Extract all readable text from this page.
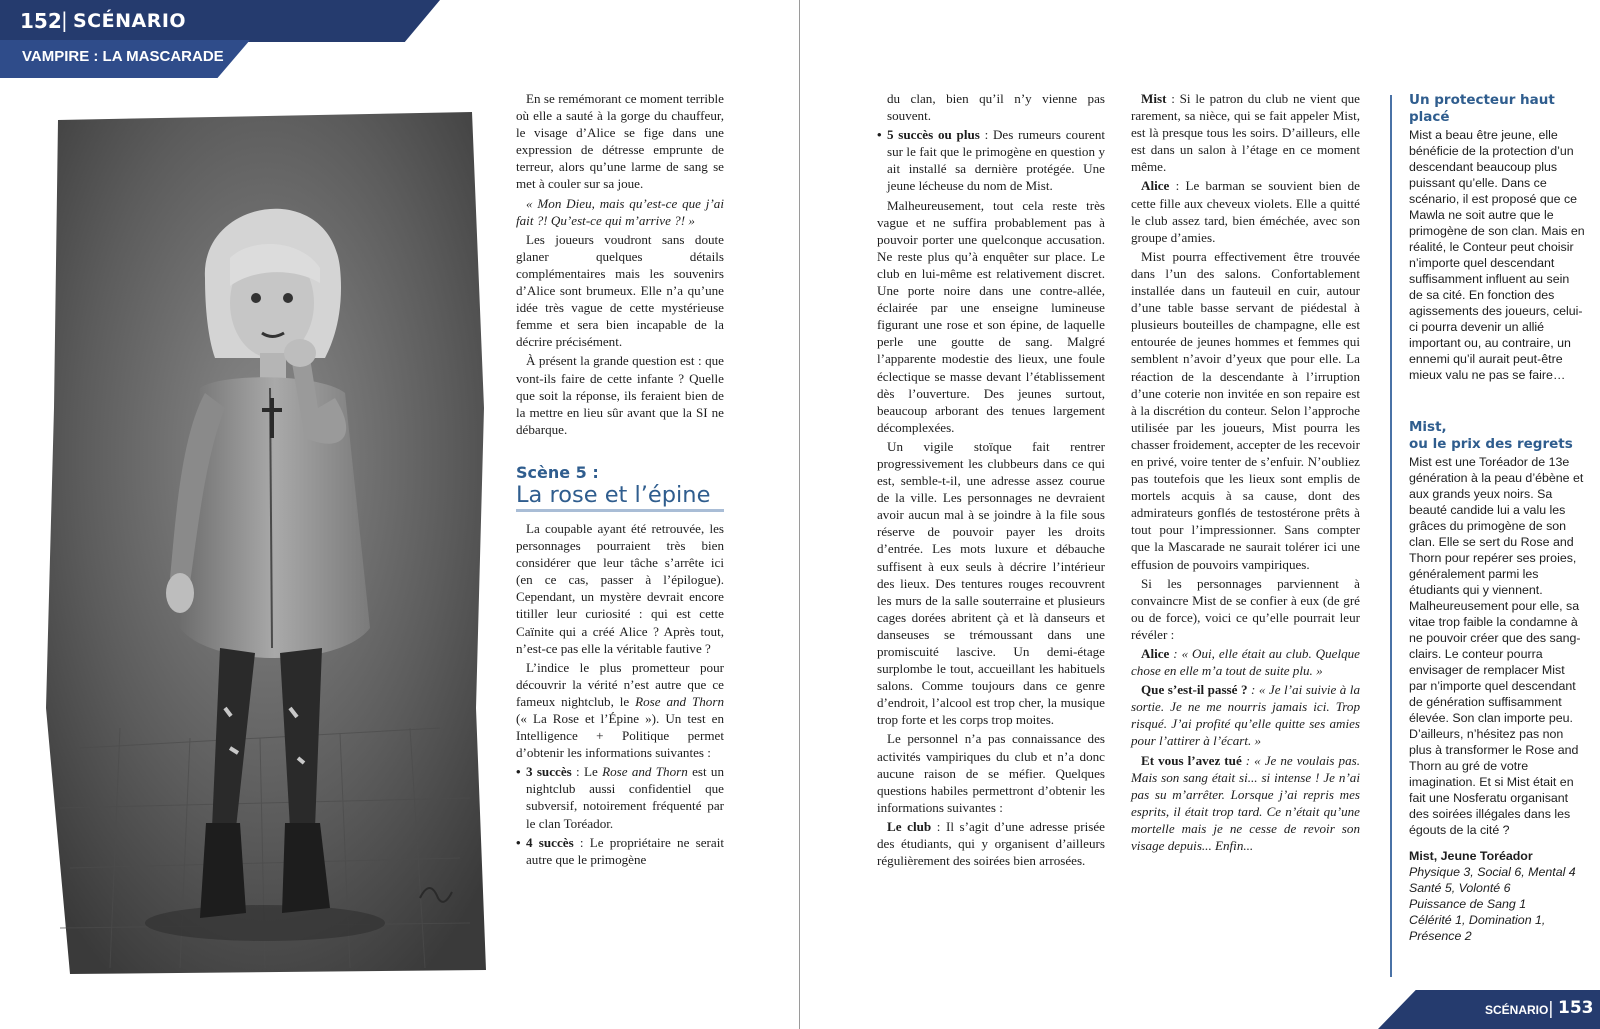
152 | SCÉNARIO
VAMPIRE : LA MASCARADE

En se remémorant ce moment terrible où elle a sauté à la gorge du chauffeur, le visage d’Alice se fige dans une expression de détresse emprunte de terreur, alors qu’une larme de sang se met à couler sur sa joue.

« Mon Dieu, mais qu’est-ce que j’ai fait ?! Qu’est-ce qui m’arrive ?! »

Les joueurs voudront sans doute glaner quelques détails complémentaires mais les souvenirs d’Alice sont brumeux. Elle n’a qu’une idée très vague de cette mystérieuse femme et sera bien incapable de la décrire précisément.

À présent la grande question est : que vont-ils faire de cette infante ? Quelle que soit la réponse, ils feraient bien de la mettre en lieu sûr avant que la SI ne débarque.

Scène 5 :
La rose et l’épine

La coupable ayant été retrouvée, les personnages pourraient très bien considérer que leur tâche s’arrête ici (en ce cas, passer à l’épilogue). Cependant, un mystère devrait encore titiller leur curiosité : qui est cette Caïnite qui a créé Alice ? Après tout, n’est-ce pas elle la véritable fautive ?

L’indice le plus prometteur pour découvrir la vérité n’est autre que ce fameux nightclub, le Rose and Thorn (« La Rose et l’Épine »). Un test en Intelligence + Politique permet d’obtenir les informations suivantes :

• 3 succès : Le Rose and Thorn est un nightclub aussi confidentiel que subversif, notoirement fréquenté par le clan Toréador.
• 4 succès : Le propriétaire ne serait autre que le primogène

du clan, bien qu’il n’y vienne pas souvent.

• 5 succès ou plus : Des rumeurs courent sur le fait que le primogène en question y ait installé sa dernière protégée. Une jeune lécheuse du nom de Mist.

Malheureusement, tout cela reste très vague et ne suffira probablement pas à pouvoir porter une quelconque accusation. Ne reste plus qu’à enquêter sur place. Le club en lui-même est relativement discret. Une porte noire dans une contre-allée, éclairée par une enseigne lumineuse figurant une rose et son épine, de laquelle perle une goutte de sang. Malgré l’apparente modestie des lieux, une foule éclectique se masse devant l’établissement dès l’ouverture. Des jeunes surtout, beaucoup arborant des tenues largement décomplexées.

Un vigile stoïque fait rentrer progressivement les clubbeurs dans ce qui est, semble-t-il, une adresse assez courue de la ville. Les personnages ne devraient avoir aucun mal à se joindre à la file sous réserve de pouvoir payer les droits d’entrée. Les mots luxure et débauche suffisent à eux seuls à décrire l’intérieur des lieux. Des tentures rouges recouvrent les murs de la salle souterraine et plusieurs cages dorées abritent çà et là danseurs et danseuses se trémoussant dans une promiscuité lascive. Un demi-étage surplombe le tout, accueillant les habituels salons. Comme toujours dans ce genre d’endroit, l’alcool est trop cher, la musique trop forte et les corps trop moites.

Le personnel n’a pas connaissance des activités vampiriques du club et n’a donc aucune raison de se méfier. Quelques questions habiles permettront d’obtenir les informations suivantes :

Le club : Il s’agit d’une adresse prisée des étudiants, qui y organisent d’ailleurs régulièrement des soirées bien arrosées.

Mist : Si le patron du club ne vient que rarement, sa nièce, qui se fait appeler Mist, est là presque tous les soirs. D’ailleurs, elle est dans un salon à l’étage en ce moment même.

Alice : Le barman se souvient bien de cette fille aux cheveux violets. Elle a quitté le club assez tard, bien éméchée, avec son groupe d’amies.

Mist pourra effectivement être trouvée dans l’un des salons. Confortablement installée dans un fauteuil en cuir, autour d’une table basse servant de piédestal à plusieurs bouteilles de champagne, elle est entourée de jeunes hommes et femmes qui semblent n’avoir d’yeux que pour elle. La réaction de la descendante à l’irruption d’une coterie non invitée en son repaire est à la discrétion du conteur. Selon l’approche utilisée par les joueurs, Mist pourra les chasser froidement, accepter de les recevoir en privé, voire tenter de s’enfuir. N’oubliez pas toutefois que les lieux sont emplis de mortels acquis à sa cause, dont des admirateurs gonflés de testostérone prêts à tout pour l’impressionner. Sans compter que la Mascarade ne saurait tolérer ici une effusion de pouvoirs vampiriques.

Si les personnages parviennent à convaincre Mist de se confier à eux (de gré ou de force), voici ce qu’elle pourrait leur révéler :

Alice : « Oui, elle était au club. Quelque chose en elle m’a tout de suite plu. »

Que s’est-il passé ? : « Je l’ai suivie à la sortie. Je ne me nourris jamais ici. Trop risqué. J’ai profité qu’elle quitte ses amies pour l’attirer à l’écart. »

Et vous l’avez tué : « Je ne voulais pas. Mais son sang était si... si intense ! Je n’ai pas su m’arrêter. Lorsque j’ai repris mes esprits, il était trop tard. Ce n’était qu’une mortelle mais je ne cesse de revoir son visage depuis... Enfin...

Un protecteur haut placé
Mist a beau être jeune, elle bénéficie de la protection d’un descendant beaucoup plus puissant qu’elle. Dans ce scénario, il est proposé que ce Mawla ne soit autre que le primogène de son clan. Mais en réalité, le Conteur peut choisir n’importe quel descendant suffisamment influent au sein de sa cité. En fonction des agissements des joueurs, celui-ci pourra devenir un allié important ou, au contraire, un ennemi qu’il aurait peut-être mieux valu ne pas se faire…
Mist,
ou le prix des regrets
Mist est une Toréador de 13e génération à la peau d’ébène et aux grands yeux noirs. Sa beauté candide lui a valu les grâces du primogène de son clan. Elle se sert du Rose and Thorn pour repérer ses proies, généralement parmi les étudiants qui y viennent. Malheureusement pour elle, sa vitae trop faible la condamne à ne pouvoir créer que des sang-clairs. Le conteur pourra envisager de remplacer Mist par n’importe quel descendant de génération suffisamment élevée. Son clan importe peu. D’ailleurs, n’hésitez pas non plus à transformer le Rose and Thorn au gré de votre imagination. Et si Mist était en fait une Nosferatu organisant des soirées illégales dans les égouts de la cité ?
Mist, Jeune Toréador
Physique 3, Social 6, Mental 4
Santé 5, Volonté 6
Puissance de Sang 1
Célérité 1, Domination 1,
Présence 2
SCÉNARIO | 153
